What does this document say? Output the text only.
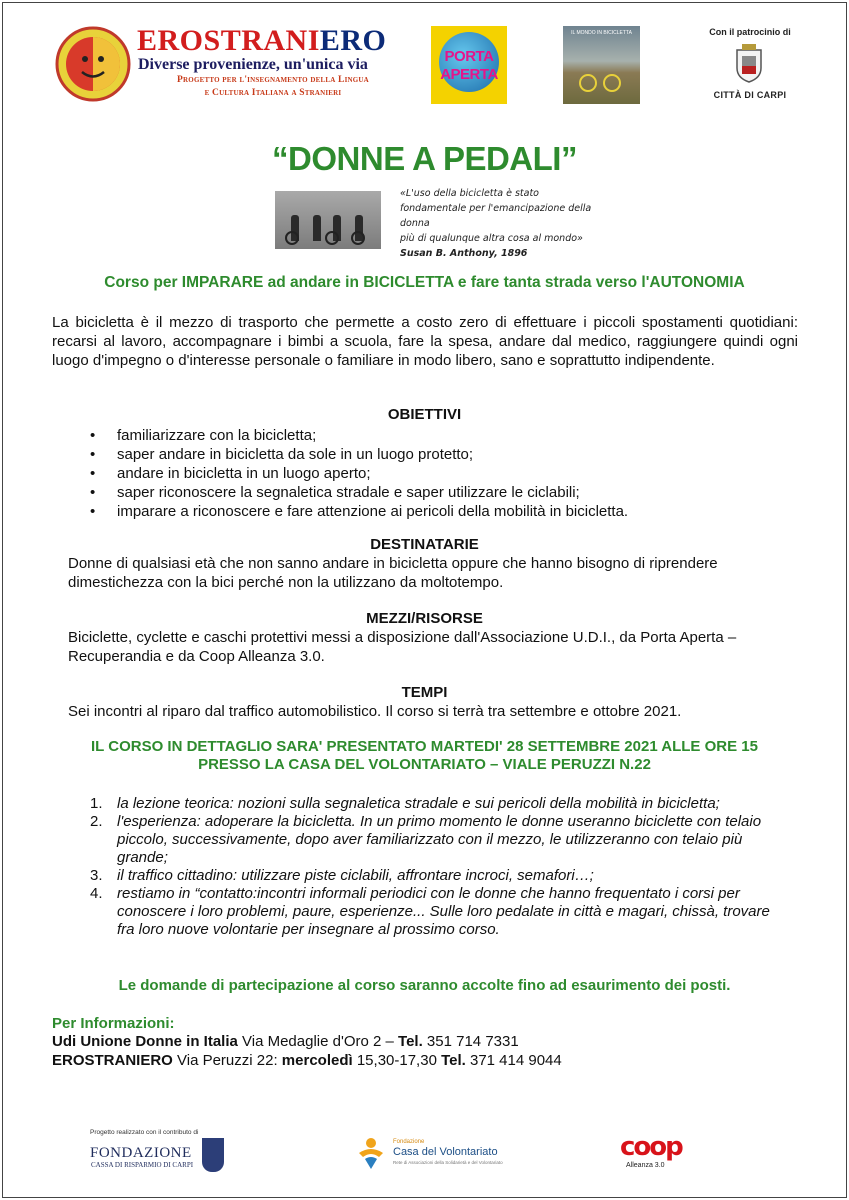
EROSTRANIERO
Diverse provenienze, un'unica via
Progetto per l'insegnamento della Lingua
e Cultura Italiana a Stranieri
PORTA
APERTA
IL MONDO IN BICICLETTA	Con il patrocinio di
CITTÀ DI CARPI
“DONNE A PEDALI”
«L'uso della bicicletta è stato
fondamentale per l'emancipazione della
donna
più di qualunque altra cosa al mondo»
Susan B. Anthony, 1896
Corso per IMPARARE ad andare in BICICLETTA e fare tanta strada verso l'AUTONOMIA
La bicicletta è il mezzo di trasporto che permette a costo zero di effettuare i piccoli spostamenti quotidiani: recarsi al lavoro, accompagnare i bimbi a scuola, fare la spesa, andare dal medico, raggiungere quindi ogni luogo d'impegno o d'interesse personale o familiare in modo libero, sano e soprattutto indipendente.
OBIETTIVI
• familiarizzare con la bicicletta;
• saper andare in bicicletta da sole in un luogo protetto;
• andare in bicicletta in un luogo aperto;
• saper riconoscere la segnaletica stradale e saper utilizzare le ciclabili;
• imparare a riconoscere e fare attenzione ai pericoli della mobilità in bicicletta.
DESTINATARIE
Donne di qualsiasi età che non sanno andare in bicicletta oppure che hanno bisogno di riprendere dimestichezza con la bici perché non la utilizzano da moltotempo.
MEZZI/RISORSE
Biciclette, cyclette e caschi protettivi messi a disposizione dall'Associazione U.D.I., da Porta Aperta – Recuperandia e da Coop Alleanza 3.0.
TEMPI
Sei incontri al riparo dal traffico automobilistico. Il corso si terrà tra settembre e ottobre 2021.
IL CORSO IN DETTAGLIO SARA' PRESENTATO MARTEDI' 28 SETTEMBRE 2021 ALLE ORE 15
PRESSO LA CASA DEL VOLONTARIATO – VIALE PERUZZI N.22
1. la lezione teorica: nozioni sulla segnaletica stradale e sui pericoli della mobilità in bicicletta;
2. l'esperienza: adoperare la bicicletta. In un primo momento le donne useranno biciclette con telaio piccolo, successivamente, dopo aver familiarizzato con il mezzo, le utilizzeranno con telaio più grande;
3. il traffico cittadino: utilizzare piste ciclabili, affrontare incroci, semafori…;
4. restiamo in “contatto:incontri informali periodici con le donne che hanno frequentato i corsi per conoscere i loro problemi, paure, esperienze... Sulle loro pedalate in città e magari, chissà, trovare fra loro nuove volontarie per insegnare al prossimo corso.
Le domande di partecipazione al corso saranno accolte fino ad esaurimento dei posti.
Per Informazioni:
Udi Unione Donne in Italia Via Medaglie d'Oro 2 – Tel. 351 714 7331
EROSTRANIERO Via Peruzzi 22: mercoledì 15,30-17,30 Tel. 371 414 9044
Progetto realizzato con il contributo di
FONDAZIONE
CASSA DI RISPARMIO DI CARPI
Fondazione
Casa del Volontariato
Rete di Associazioni della Solidarietà e del Volontariato
coop
Alleanza 3.0
